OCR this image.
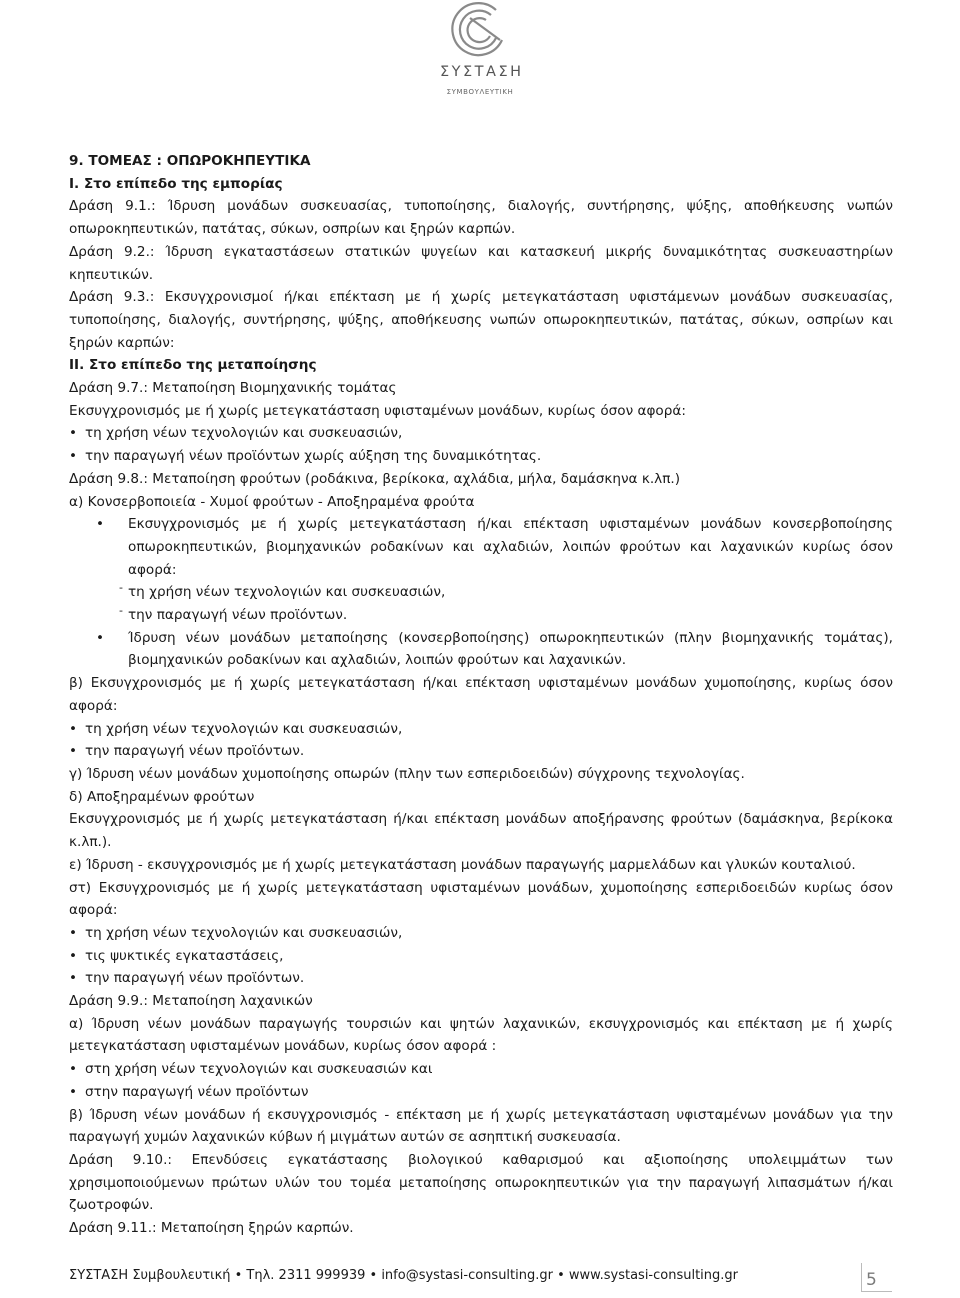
ΣΥΣΤΑΣΗ
ΣΥΜΒΟΥΛΕΥΤΙΚΗ

9. ΤΟΜΕΑΣ : ΟΠΩΡΟΚΗΠΕΥΤΙΚΑ

I. Στο επίπεδο της εμπορίας

Δράση 9.1.: Ίδρυση μονάδων συσκευασίας, τυποποίησης, διαλογής, συντήρησης, ψύξης, αποθήκευσης νωπών οπωροκηπευτικών, πατάτας, σύκων, οσπρίων και ξηρών καρπών.

Δράση 9.2.: Ίδρυση εγκαταστάσεων στατικών ψυγείων και κατασκευή μικρής δυναμικότητας συσκευαστηρίων κηπευτικών.

Δράση 9.3.: Εκσυγχρονισμοί ή/και επέκταση με ή χωρίς μετεγκατάσταση υφιστάμενων μονάδων συσκευασίας, τυποποίησης, διαλογής, συντήρησης, ψύξης, αποθήκευσης νωπών οπωροκηπευτικών, πατάτας, σύκων, οσπρίων και ξηρών καρπών:

II. Στο επίπεδο της μεταποίησης

Δράση 9.7.: Μεταποίηση Βιομηχανικής τομάτας

Εκσυγχρονισμός με ή χωρίς μετεγκατάσταση υφισταμένων μονάδων, κυρίως όσον αφορά:

• τη χρήση νέων τεχνολογιών και συσκευασιών,

• την παραγωγή νέων προϊόντων χωρίς αύξηση της δυναμικότητας.

Δράση 9.8.: Μεταποίηση φρούτων (ροδάκινα, βερίκοκα, αχλάδια, μήλα, δαμάσκηνα κ.λπ.)

α) Κονσερβοποιεία - Χυμοί φρούτων - Αποξηραμένα φρούτα

• Εκσυγχρονισμός με ή χωρίς μετεγκατάσταση ή/και επέκταση υφισταμένων μονάδων κονσερβοποίησης οπωροκηπευτικών, βιομηχανικών ροδακίνων και αχλαδιών, λοιπών φρούτων και λαχανικών κυρίως όσον αφορά:

- τη χρήση νέων τεχνολογιών και συσκευασιών,

- την παραγωγή νέων προϊόντων.

• Ίδρυση νέων μονάδων μεταποίησης (κονσερβοποίησης) οπωροκηπευτικών (πλην βιομηχανικής τομάτας), βιομηχανικών ροδακίνων και αχλαδιών, λοιπών φρούτων και λαχανικών.

β) Εκσυγχρονισμός με ή χωρίς μετεγκατάσταση ή/και επέκταση υφισταμένων μονάδων χυμοποίησης, κυρίως όσον αφορά:

• τη χρήση νέων τεχνολογιών και συσκευασιών,

• την παραγωγή νέων προϊόντων.

γ) Ίδρυση νέων μονάδων χυμοποίησης οπωρών (πλην των εσπεριδοειδών) σύγχρονης τεχνολογίας.

δ) Αποξηραμένων φρούτων

Εκσυγχρονισμός με ή χωρίς μετεγκατάσταση ή/και επέκταση μονάδων αποξήρανσης φρούτων (δαμάσκηνα, βερίκοκα κ.λπ.).

ε) Ίδρυση - εκσυγχρονισμός με ή χωρίς μετεγκατάσταση μονάδων παραγωγής μαρμελάδων και γλυκών κουταλιού.

στ) Εκσυγχρονισμός με ή χωρίς μετεγκατάσταση υφισταμένων μονάδων, χυμοποίησης εσπεριδοειδών κυρίως όσον αφορά:

• τη χρήση νέων τεχνολογιών και συσκευασιών,

• τις ψυκτικές εγκαταστάσεις,

• την παραγωγή νέων προϊόντων.

Δράση 9.9.: Μεταποίηση λαχανικών

α) Ίδρυση νέων μονάδων παραγωγής τουρσιών και ψητών λαχανικών, εκσυγχρονισμός και επέκταση με ή χωρίς μετεγκατάσταση υφισταμένων μονάδων, κυρίως όσον αφορά :

• στη χρήση νέων τεχνολογιών και συσκευασιών και

• στην παραγωγή νέων προϊόντων

β) Ίδρυση νέων μονάδων ή εκσυγχρονισμός - επέκταση με ή χωρίς μετεγκατάσταση υφισταμένων μονάδων για την παραγωγή χυμών λαχανικών κύβων ή μιγμάτων αυτών σε ασηπτική συσκευασία.

Δράση 9.10.: Επενδύσεις εγκατάστασης βιολογικού καθαρισμού και αξιοποίησης υπολειμμάτων των χρησιμοποιούμενων πρώτων υλών του τομέα μεταποίησης οπωροκηπευτικών για την παραγωγή λιπασμάτων ή/και ζωοτροφών.

Δράση 9.11.: Μεταποίηση ξηρών καρπών.

ΣΥΣΤΑΣΗ Συμβουλευτική • Τηλ. 2311 999939 • info@systasi-consulting.gr • www.systasi-consulting.gr	5
